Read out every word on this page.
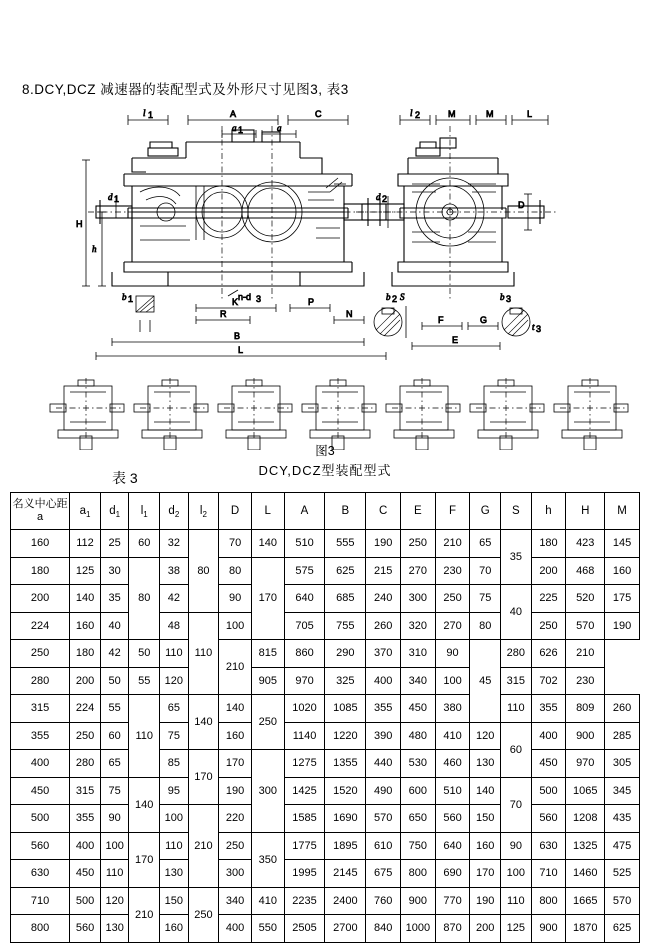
8.DCY,DCZ 减速器的装配型式及外形尺寸见图3, 表3
l 1	A	C
a 1	a
H
h
d 1
b 1	n-d 3
K
R
P
N
B
L
l 2	M	M	L
d 2
D
b 2 S	b 3
t 3
F	G
E
图3
DCY,DCZ型装配型式
表 3
名义中心距
a	$a_1$	$d_1$	$l_1$	$d_2$	$l_2$	D	L	A	B	C	E	F	G	S	h	H	M
160	112	25	60	32	80	70	140	510	555	190	250	210	65	35	180	423	145
180	125	30	80	38		80	170	575	625	215	270	230	70		200	468	160
200	140	35		42		90		640	685	240	300	250	75	40	225	520	175
224	160	40		48	110	100		705	755	260	320	270	80		250	570	190
250	180	42	50	110		210	815	860	290	370	310	90	45	280	626	210	
280	200	50	55	120			905	970	325	400	340	100		315	702	230	
315	224	55	110	65	140	140	250	1020	1085	355	450	380		110	355	809	260
355	250	60		75		160		1140	1220	390	480	410	120	60	400	900	285
400	280	65		85	170	170	300	1275	1355	440	530	460	130		450	970	305
450	315	75	140	95		190		1425	1520	490	600	510	140	70	500	1065	345
500	355	90		100	210	220		1585	1690	570	650	560	150		560	1208	435
560	400	100	170	110		250	350	1775	1895	610	750	640	160	90	630	1325	475
630	450	110		130		300		1995	2145	675	800	690	170	100	710	1460	525
710	500	120	210	150	250	340	410	2235	2400	760	900	770	190	110	800	1665	570
800	560	130		160		400	550	2505	2700	840	1000	870	200	125	900	1870	625
